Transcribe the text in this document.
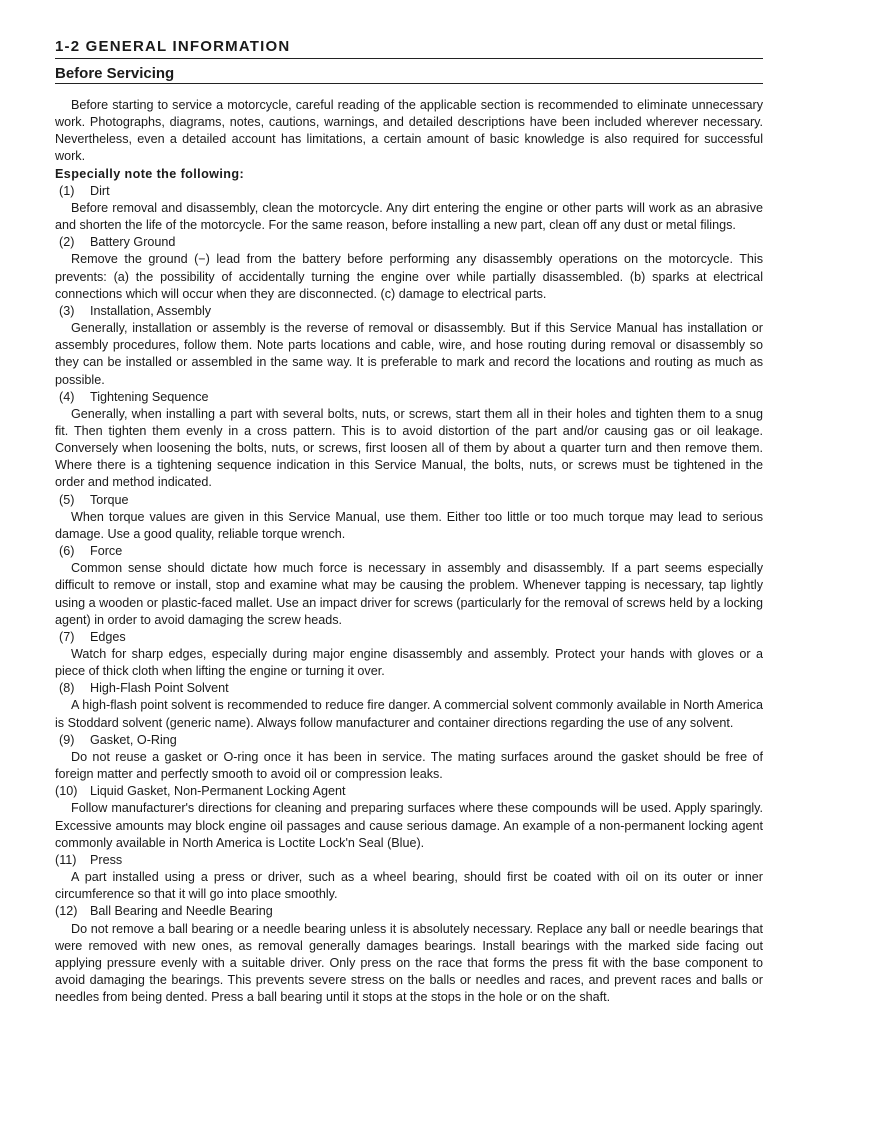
1-2 GENERAL INFORMATION
Before Servicing

Before starting to service a motorcycle, careful reading of the applicable section is recommended to eliminate unnecessary work. Photographs, diagrams, notes, cautions, warnings, and detailed descriptions have been included wherever necessary. Nevertheless, even a detailed account has limitations, a certain amount of basic knowledge is also required for successful work.

Especially note the following:

(1) Dirt

Before removal and disassembly, clean the motorcycle. Any dirt entering the engine or other parts will work as an abrasive and shorten the life of the motorcycle. For the same reason, before installing a new part, clean off any dust or metal filings.

(2) Battery Ground

Remove the ground (−) lead from the battery before performing any disassembly operations on the motorcycle. This prevents: (a) the possibility of accidentally turning the engine over while partially disassembled. (b) sparks at electrical connections which will occur when they are disconnected. (c) damage to electrical parts.

(3) Installation, Assembly

Generally, installation or assembly is the reverse of removal or disassembly. But if this Service Manual has installation or assembly procedures, follow them. Note parts locations and cable, wire, and hose routing during removal or disassembly so they can be installed or assembled in the same way. It is preferable to mark and record the locations and routing as much as possible.

(4) Tightening Sequence

Generally, when installing a part with several bolts, nuts, or screws, start them all in their holes and tighten them to a snug fit. Then tighten them evenly in a cross pattern. This is to avoid distortion of the part and/or causing gas or oil leakage. Conversely when loosening the bolts, nuts, or screws, first loosen all of them by about a quarter turn and then remove them. Where there is a tightening sequence indication in this Service Manual, the bolts, nuts, or screws must be tightened in the order and method indicated.

(5) Torque

When torque values are given in this Service Manual, use them. Either too little or too much torque may lead to serious damage. Use a good quality, reliable torque wrench.

(6) Force

Common sense should dictate how much force is necessary in assembly and disassembly. If a part seems especially difficult to remove or install, stop and examine what may be causing the problem. Whenever tapping is necessary, tap lightly using a wooden or plastic-faced mallet. Use an impact driver for screws (particularly for the removal of screws held by a locking agent) in order to avoid damaging the screw heads.

(7) Edges

Watch for sharp edges, especially during major engine disassembly and assembly. Protect your hands with gloves or a piece of thick cloth when lifting the engine or turning it over.

(8) High-Flash Point Solvent

A high-flash point solvent is recommended to reduce fire danger. A commercial solvent commonly available in North America is Stoddard solvent (generic name). Always follow manufacturer and container directions regarding the use of any solvent.

(9) Gasket, O-Ring

Do not reuse a gasket or O-ring once it has been in service. The mating surfaces around the gasket should be free of foreign matter and perfectly smooth to avoid oil or compression leaks.

(10) Liquid Gasket, Non-Permanent Locking Agent

Follow manufacturer's directions for cleaning and preparing surfaces where these compounds will be used. Apply sparingly. Excessive amounts may block engine oil passages and cause serious damage. An example of a non-permanent locking agent commonly available in North America is Loctite Lock'n Seal (Blue).

(11) Press

A part installed using a press or driver, such as a wheel bearing, should first be coated with oil on its outer or inner circumference so that it will go into place smoothly.

(12) Ball Bearing and Needle Bearing

Do not remove a ball bearing or a needle bearing unless it is absolutely necessary. Replace any ball or needle bearings that were removed with new ones, as removal generally damages bearings. Install bearings with the marked side facing out applying pressure evenly with a suitable driver. Only press on the race that forms the press fit with the base component to avoid damaging the bearings. This prevents severe stress on the balls or needles and races, and prevent races and balls or needles from being dented. Press a ball bearing until it stops at the stops in the hole or on the shaft.
